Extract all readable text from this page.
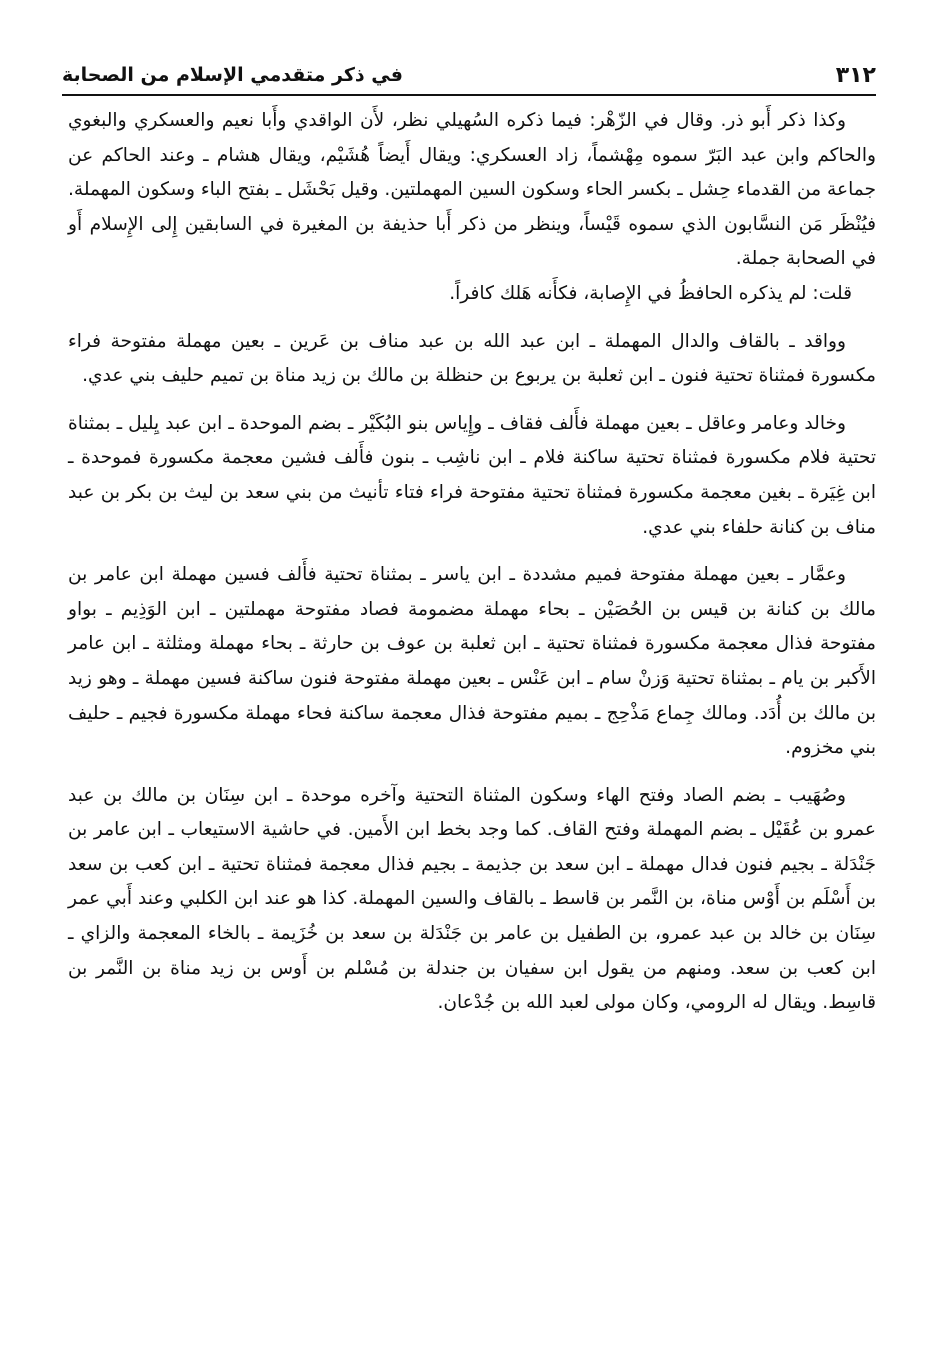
٣١٢
في ذكر متقدمي الإسلام من الصحابة

وكذا ذكر أَبو ذر. وقال في الزّهْر: فيما ذكره السُهيلي نظر، لأَن الواقدي وأَبا نعيم والعسكري والبغوي والحاكم وابن عبد البَرّ سموه مِهْشماً، زاد العسكري: ويقال أَيضاً هُشَيْم، ويقال هشام ـ وعند الحاكم عن جماعة من القدماء حِشل ـ بكسر الحاء وسكون السين المهملتين. وقيل بَحْشَل ـ بفتح الباء وسكون المهملة. فيُنْظَر مَن النسَّابون الذي سموه قَيْساً، وينظر من ذكر أَبا حذيفة بن المغيرة في السابقين إِلى الإِسلام أَو في الصحابة جملة.

قلت: لم يذكره الحافظُ في الإِصابة، فكأَنه هَلك كافراً.

وواقد ـ بالقاف والدال المهملة ـ ابن عبد الله بن عبد مناف بن عَرين ـ بعين مهملة مفتوحة فراء مكسورة فمثناة تحتية فنون ـ ابن ثعلبة بن يربوع بن حنظلة بن مالك بن زيد مناة بن تميم حليف بني عدي.

وخالد وعامر وعاقل ـ بعين مهملة فأَلف فقاف ـ وإِياس بنو البُكَيْر ـ بضم الموحدة ـ ابن عبد يِليل ـ بمثناة تحتية فلام مكسورة فمثناة تحتية ساكنة فلام ـ ابن ناشِب ـ بنون فأَلف فشين معجمة مكسورة فموحدة ـ ابن غِيَرة ـ بغين معجمة مكسورة فمثناة تحتية مفتوحة فراء فتاء تأنيث من بني سعد بن ليث بن بكر بن عبد مناف بن كنانة حلفاء بني عدي.

وعمَّار ـ بعين مهملة مفتوحة فميم مشددة ـ ابن ياسر ـ بمثناة تحتية فأَلف فسين مهملة ابن عامر بن مالك بن كنانة بن قيس بن الحُصَيْن ـ بحاء مهملة مضمومة فصاد مفتوحة مهملتين ـ ابن الوَذِيم ـ بواو مفتوحة فذال معجمة مكسورة فمثناة تحتية ـ ابن ثعلبة بن عوف بن حارثة ـ بحاء مهملة ومثلثة ـ ابن عامر الأَكبر بن يام ـ بمثناة تحتية وَزنْ سام ـ ابن عَنْس ـ بعين مهملة مفتوحة فنون ساكنة فسين مهملة ـ وهو زيد بن مالك بن أُدَد. ومالك جِماع مَذْحِج ـ بميم مفتوحة فذال معجمة ساكنة فحاء مهملة مكسورة فجيم ـ حليف بني مخزوم.

وصُهَيب ـ بضم الصاد وفتح الهاء وسكون المثناة التحتية وآخره موحدة ـ ابن سِنَان بن مالك بن عبد عمرو بن عُقَيْل ـ بضم المهملة وفتح القاف. كما وجد بخط ابن الأَمين. في حاشية الاستيعاب ـ ابن عامر بن جَنْدَلة ـ بجيم فنون فدال مهملة ـ ابن سعد بن جذيمة ـ بجيم فذال معجمة فمثناة تحتية ـ ابن كعب بن سعد بن أَسْلَم بن أَوْس مناة، بن النَّمر بن قاسط ـ بالقاف والسين المهملة. كذا هو عند ابن الكلبي وعند أَبي عمر سِنَان بن خالد بن عبد عمرو، بن الطفيل بن عامر بن جَنْدَلة بن سعد بن خُزَيمة ـ بالخاء المعجمة والزاي ـ ابن كعب بن سعد. ومنهم من يقول ابن سفيان بن جندلة بن مُسْلم بن أَوس بن زيد مناة بن النَّمر بن قاسِط. ويقال له الرومي، وكان مولى لعبد الله بن جُدْعان.
